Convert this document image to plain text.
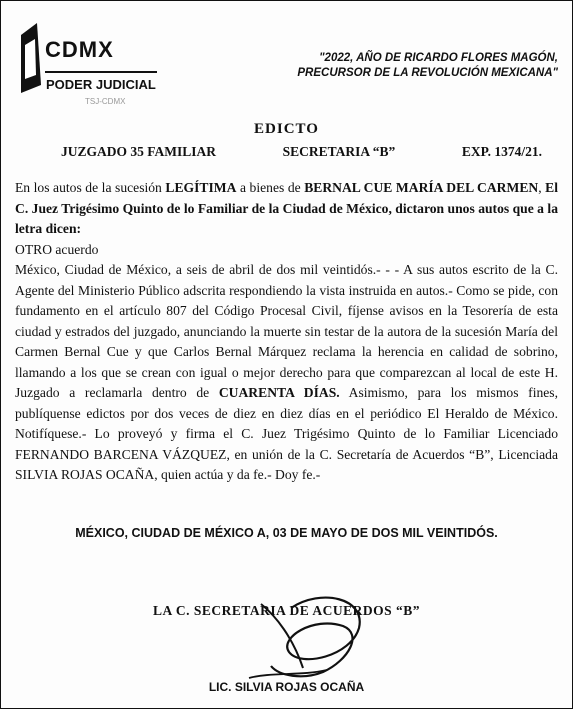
CDMX
PODER JUDICIAL
TSJ-CDMX
"2022, AÑO DE RICARDO FLORES MAGÓN,
PRECURSOR DE LA REVOLUCIÓN MEXICANA"
EDICTO
JUZGADO 35 FAMILIAR	SECRETARIA “B”	EXP. 1374/21.

En los autos de la sucesión LEGÍTIMA a bienes de BERNAL CUE MARÍA DEL CARMEN, El C. Juez Trigésimo Quinto de lo Familiar de la Ciudad de México, dictaron unos autos que a la letra dicen:

OTRO acuerdo

México, Ciudad de México, a seis de abril de dos mil veintidós.- - - A sus autos escrito de la C. Agente del Ministerio Público adscrita respondiendo la vista instruida en autos.- Como se pide, con fundamento en el artículo 807 del Código Procesal Civil, fíjense avisos en la Tesorería de esta ciudad y estrados del juzgado, anunciando la muerte sin testar de la autora de la sucesión María del Carmen Bernal Cue y que Carlos Bernal Márquez reclama la herencia en calidad de sobrino, llamando a los que se crean con igual o mejor derecho para que comparezcan al local de este H. Juzgado a reclamarla dentro de CUARENTA DÍAS. Asimismo, para los mismos fines, publíquense edictos por dos veces de diez en diez días en el periódico El Heraldo de México. Notifíquese.- Lo proveyó y firma el C. Juez Trigésimo Quinto de lo Familiar Licenciado FERNANDO BARCENA VÁZQUEZ, en unión de la C. Secretaría de Acuerdos “B”, Licenciada SILVIA ROJAS OCAÑA, quien actúa y da fe.- Doy fe.-

MÉXICO, CIUDAD DE MÉXICO A, 03 DE MAYO DE DOS MIL VEINTIDÓS.
LA C. SECRETARIA DE ACUERDOS “B”
LIC. SILVIA ROJAS OCAÑA
